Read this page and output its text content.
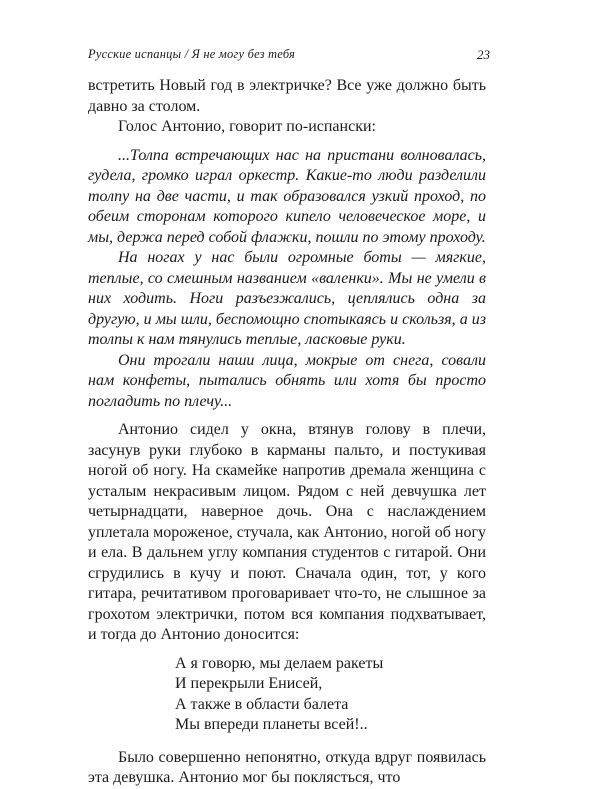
Русские испанцы / Я не могу без тебя	23

встретить Новый год в электричке? Все уже должно быть давно за столом.

Голос Антонио, говорит по-испански:

...Толпа встречающих нас на пристани волновалась, гудела, громко играл оркестр. Какие-то люди разделили толпу на две части, и так образовался узкий проход, по обеим сторонам которого кипело человеческое море, и мы, держа перед собой флажки, пошли по этому проходу.

На ногах у нас были огромные боты — мягкие, теплые, со смешным названием «валенки». Мы не умели в них ходить. Ноги разъезжались, цеплялись одна за другую, и мы шли, беспомощно спотыкаясь и скользя, а из толпы к нам тянулись теплые, ласковые руки.

Они трогали наши лица, мокрые от снега, совали нам конфеты, пытались обнять или хотя бы просто погладить по плечу...

Антонио сидел у окна, втянув голову в плечи, засунув руки глубоко в карманы пальто, и постукивая ногой об ногу. На скамейке напротив дремала женщина с усталым некрасивым лицом. Рядом с ней девчушка лет четырнадцати, наверное дочь. Она с наслаждением уплетала мороженое, стучала, как Антонио, ногой об ногу и ела. В дальнем углу компания студентов с гитарой. Они сгрудились в кучу и поют. Сначала один, тот, у кого гитара, речитативом проговаривает что-то, не слышное за грохотом электрички, потом вся компания подхватывает, и тогда до Антонио доносится:

А я говорю, мы делаем ракеты
И перекрыли Енисей,
А также в области балета
Мы впереди планеты всей!..

Было совершенно непонятно, откуда вдруг появилась эта девушка. Антонио мог бы поклясться, что
